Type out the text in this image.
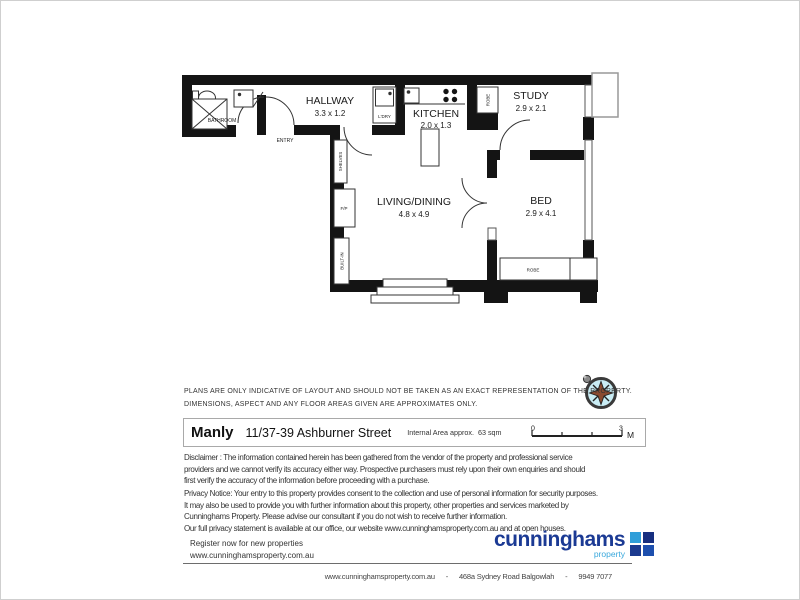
HALLWAY
3.3 x 1.2	KITCHEN
2.0 x 1.3
STUDY
2.9 x 2.1
LIVING/DINING
4.8 x 4.9
BED
2.9 x 4.1
BATHROOM
ENTRY
L'DRY
F/P
ROBE
SHELVES
BUILT-IN
ROBE
PLANS ARE ONLY INDICATIVE OF LAYOUT AND SHOULD NOT BE TAKEN AS AN EXACT REPRESENTATION OF THE PROPERTY.
DIMENSIONS, ASPECT AND ANY FLOOR AREAS GIVEN ARE APPROXIMATES ONLY.
Manly 11/37-39 Ashburner Street Internal Area approx. 63 sqm	0	3
M
Disclaimer : The information contained herein has been gathered from the vendor of the property and professional service
providers and we cannot verify its accuracy either way. Prospective purchasers must rely upon their own enquiries and should
first verify the accuracy of the information before proceeding with a purchase.
Privacy Notice: Your entry to this property provides consent to the collection and use of personal information for security purposes.
It may also be used to provide you with further information about this property, other properties and services marketed by
Cunninghams Property. Please advise our consultant if you do not wish to receive further information.
Our full privacy statement is available at our office, our website www.cunninghamsproperty.com.au and at open houses.
Register now for new properties
www.cunninghamsproperty.com.au
cunninghams
property
www.cunninghamsproperty.com.au - 468a Sydney Road Balgowlah - 9949 7077
